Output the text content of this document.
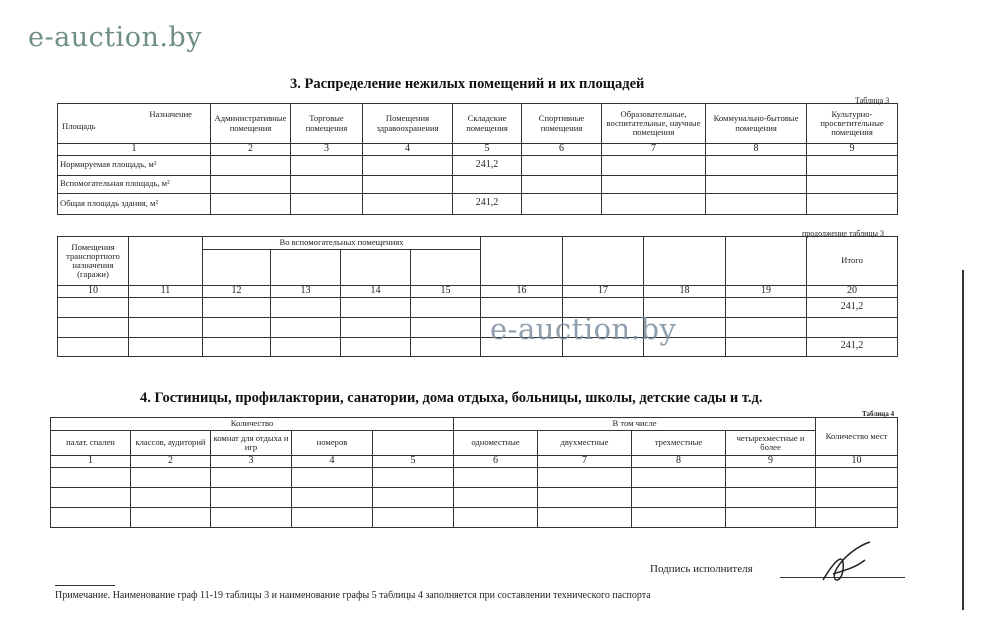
e-auction.by
3. Распределение нежилых помещений и их площадей
Таблица 3
Назначение
Площадь	Административные помещения	Торговые помещения	Помещения здравоохранения	Складские помещения	Спортивные помещения	Образовательные, воспитательные, научные помещения	Коммунально-бытовые помещения	Культурно-просветительные помещения
1	2	3	4	5	6	7	8	9
Нормируемая площадь, м²				241,2				
Вспомогательная площадь, м²								
Общая площадь здания, м²				241,2				
продолжение таблицы 3
Помещения транспортного назначения (гаражи)		Во вспомогательных помещениях								Итого

10	11	12	13	14	15	16	17	18	19	20
										241,2

										241,2
e-auction.by
4. Гостиницы, профилактории, санатории, дома отдыха, больницы, школы, детские сады и т.д.
Таблица 4
Количество					В том числе				Количество мест
палат. спален	классов, аудиторий	комнат для отдыха и игр	номеров		одноместные	двухместные	трехместные	четырехместные и более	
1	2	3	4	5	6	7	8	9	10

Подпись исполнителя
Примечание. Наименование граф 11-19 таблицы 3 и наименование графы 5 таблицы 4 заполняется при составлении технического паспорта
